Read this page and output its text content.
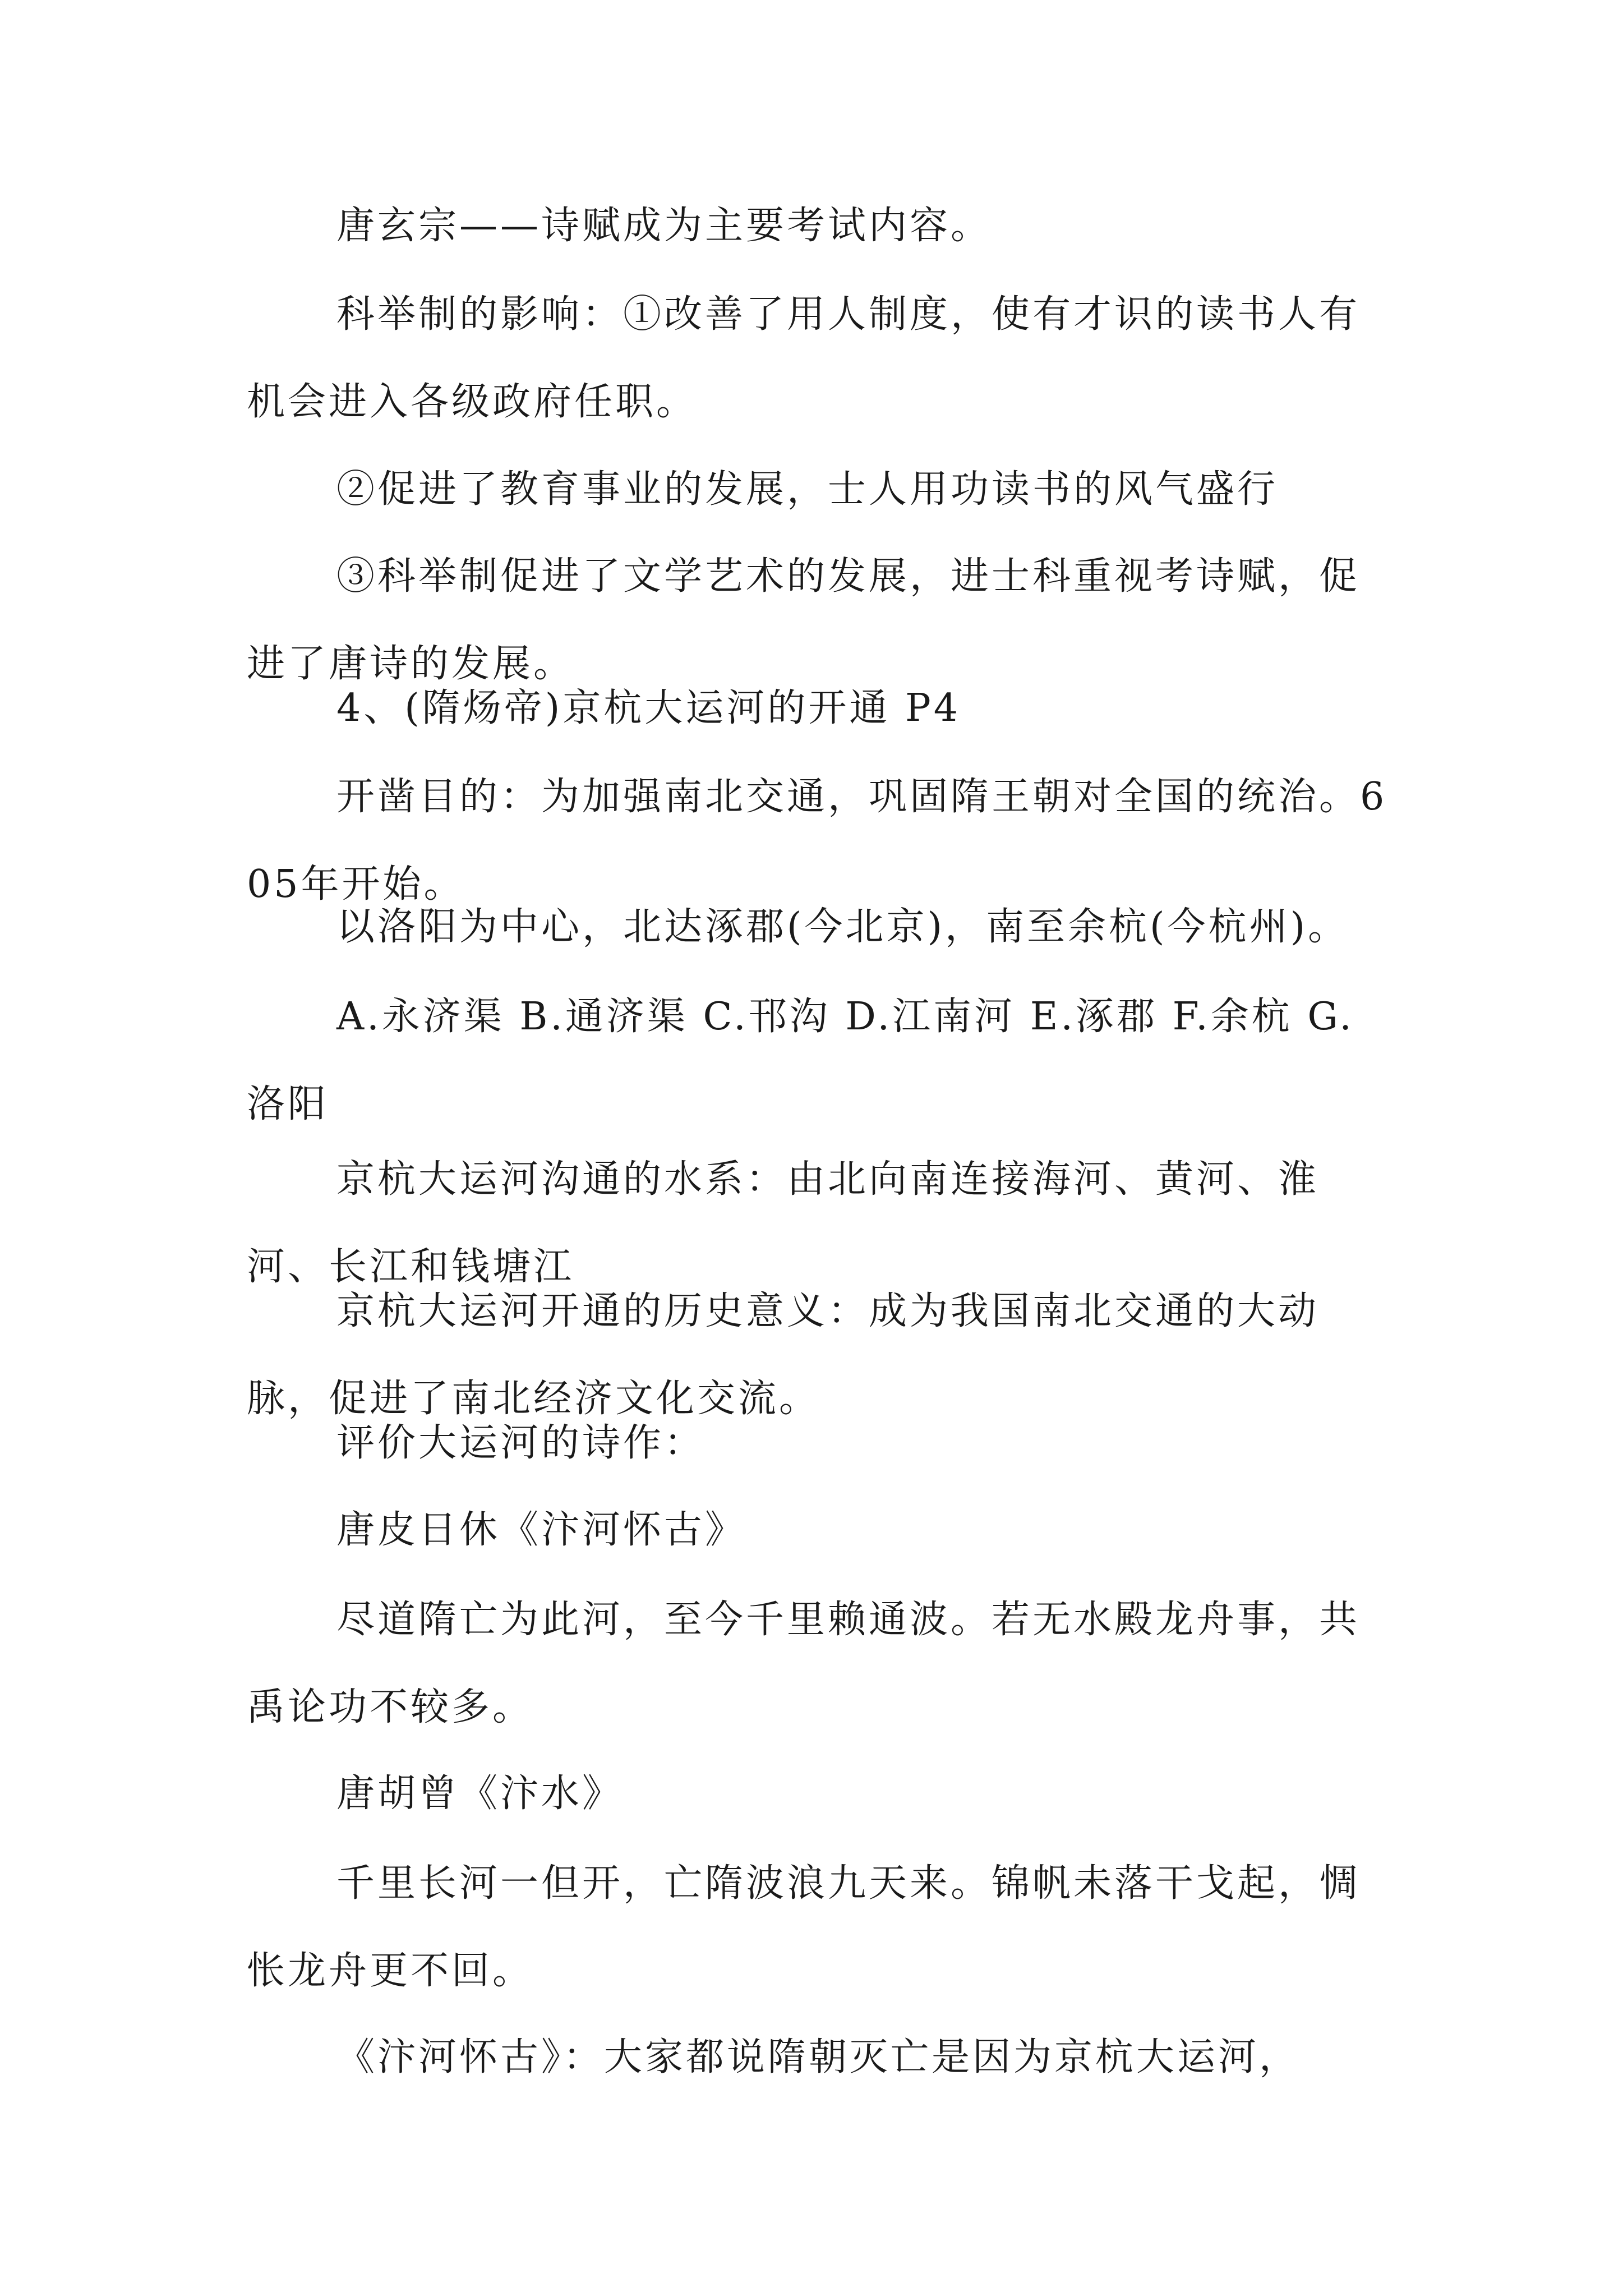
唐玄宗——诗赋成为主要考试内容。

科举制的影响：①改善了用人制度，使有才识的读书人有机会进入各级政府任职。

②促进了教育事业的发展，士人用功读书的风气盛行

③科举制促进了文学艺术的发展，进士科重视考诗赋，促进了唐诗的发展。

4、(隋炀帝)京杭大运河的开通 P4

开凿目的：为加强南北交通，巩固隋王朝对全国的统治。605年开始。

以洛阳为中心，北达涿郡(今北京)，南至余杭(今杭州)。

A.永济渠 B.通济渠 C.邗沟 D.江南河 E.涿郡 F.余杭 G.洛阳

京杭大运河沟通的水系：由北向南连接海河、黄河、淮河、长江和钱塘江

京杭大运河开通的历史意义：成为我国南北交通的大动脉，促进了南北经济文化交流。

评价大运河的诗作：

唐皮日休《汴河怀古》

尽道隋亡为此河，至今千里赖通波。若无水殿龙舟事，共禹论功不较多。

唐胡曾《汴水》

千里长河一但开，亡隋波浪九天来。锦帆未落干戈起，惆怅龙舟更不回。

《汴河怀古》：大家都说隋朝灭亡是因为京杭大运河，
